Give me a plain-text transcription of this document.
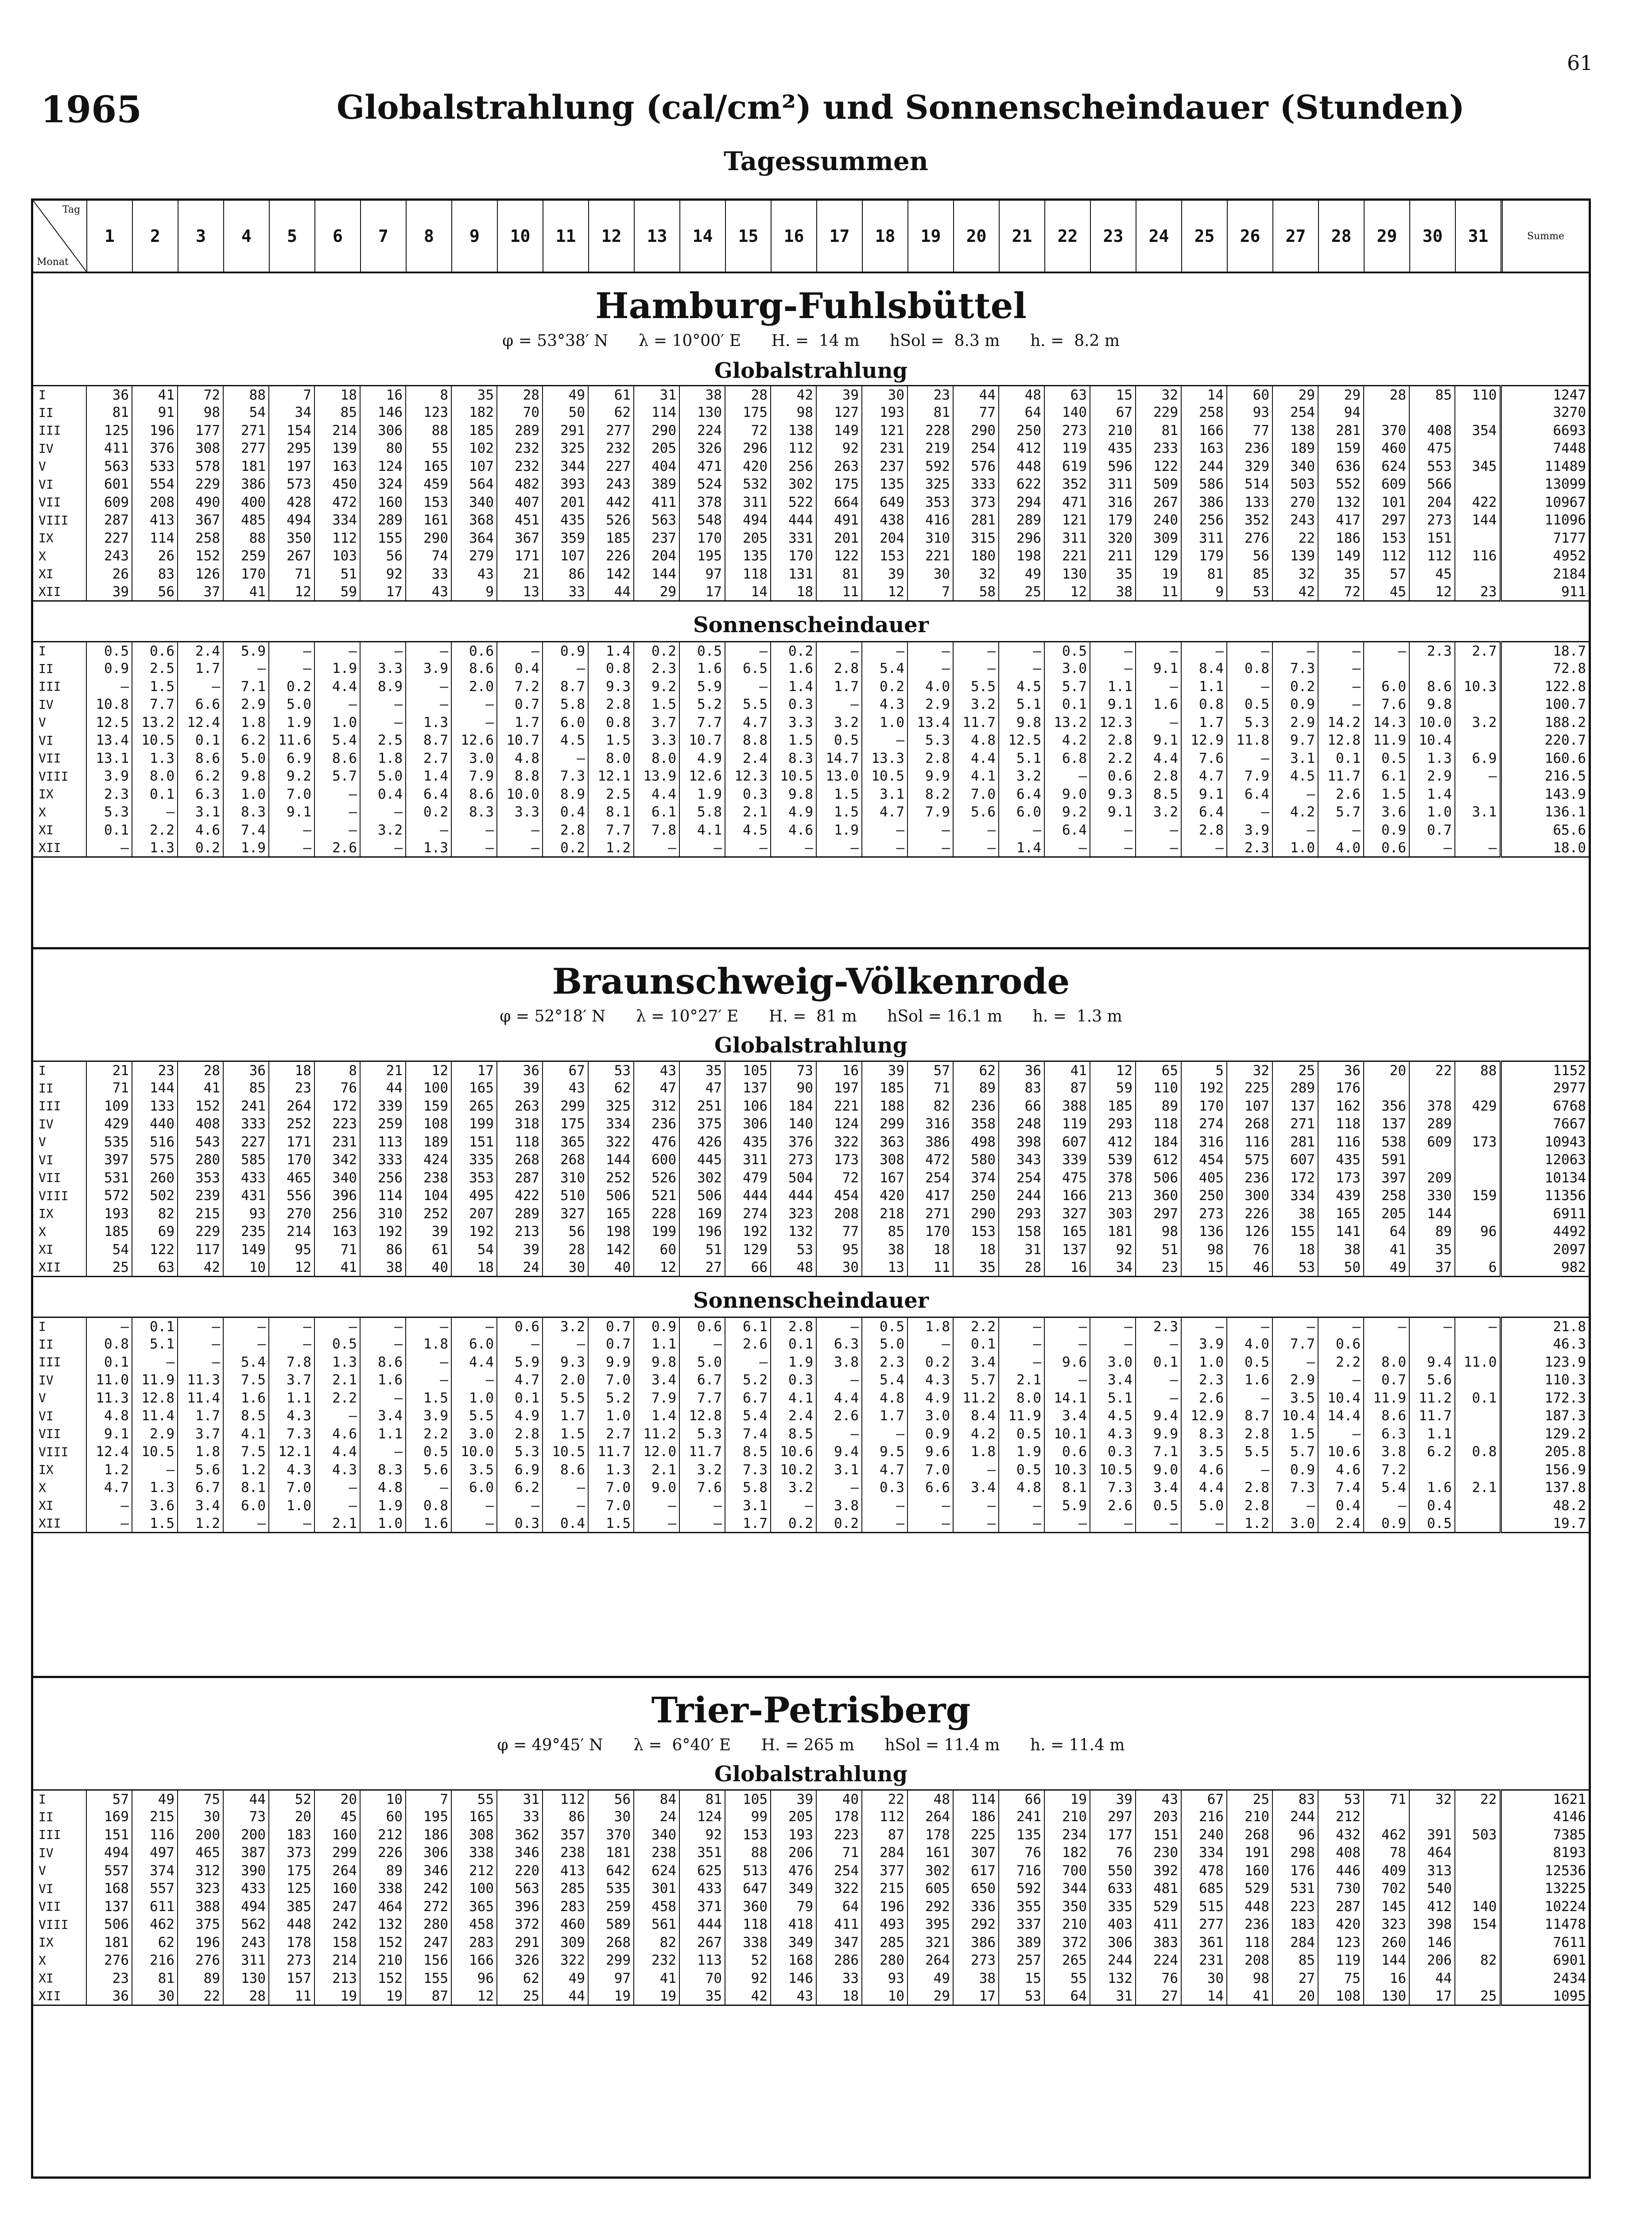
61
1965	Globalstrahlung (cal/cm²) und Sonnenscheindauer (Stunden)
Tagessummen
Tag
Monat
1	2	3	4	5	6	7	8	9	10	11	12	13	14	15	16	17	18	19	20	21	22	23	24	25	26	27	28	29	30	31	Summe
Hamburg-Fuhlsbüttel
φ = 53°38′ N      λ = 10°00′ E      H. =  14 m      hSol =  8.3 m      h. =  8.2 m
Globalstrahlung
I	36	41	72	88	7	18	16	8	35	28	49	61	31	38	28	42	39	30	23	44	48	63	15	32	14	60	29	29	28	85	110	1247
II	81	91	98	54	34	85	146	123	182	70	50	62	114	130	175	98	127	193	81	77	64	140	67	229	258	93	254	94				3270
III	125	196	177	271	154	214	306	88	185	289	291	277	290	224	72	138	149	121	228	290	250	273	210	81	166	77	138	281	370	408	354	6693
IV	411	376	308	277	295	139	80	55	102	232	325	232	205	326	296	112	92	231	219	254	412	119	435	233	163	236	189	159	460	475		7448
V	563	533	578	181	197	163	124	165	107	232	344	227	404	471	420	256	263	237	592	576	448	619	596	122	244	329	340	636	624	553	345	11489
VI	601	554	229	386	573	450	324	459	564	482	393	243	389	524	532	302	175	135	325	333	622	352	311	509	586	514	503	552	609	566		13099
VII	609	208	490	400	428	472	160	153	340	407	201	442	411	378	311	522	664	649	353	373	294	471	316	267	386	133	270	132	101	204	422	10967
VIII	287	413	367	485	494	334	289	161	368	451	435	526	563	548	494	444	491	438	416	281	289	121	179	240	256	352	243	417	297	273	144	11096
IX	227	114	258	88	350	112	155	290	364	367	359	185	237	170	205	331	201	204	310	315	296	311	320	309	311	276	22	186	153	151		7177
X	243	26	152	259	267	103	56	74	279	171	107	226	204	195	135	170	122	153	221	180	198	221	211	129	179	56	139	149	112	112	116	4952
XI	26	83	126	170	71	51	92	33	43	21	86	142	144	97	118	131	81	39	30	32	49	130	35	19	81	85	32	35	57	45		2184
XII	39	56	37	41	12	59	17	43	9	13	33	44	29	17	14	18	11	12	7	58	25	12	38	11	9	53	42	72	45	12	23	911
Sonnenscheindauer
I	0.5	0.6	2.4	5.9	–	–	–	–	0.6	–	0.9	1.4	0.2	0.5	–	0.2	–	–	–	–	–	0.5	–	–	–	–	–	–	–	2.3	2.7	18.7
II	0.9	2.5	1.7	–	–	1.9	3.3	3.9	8.6	0.4	–	0.8	2.3	1.6	6.5	1.6	2.8	5.4	–	–	–	3.0	–	9.1	8.4	0.8	7.3	–				72.8
III	–	1.5	–	7.1	0.2	4.4	8.9	–	2.0	7.2	8.7	9.3	9.2	5.9	–	1.4	1.7	0.2	4.0	5.5	4.5	5.7	1.1	–	1.1	–	0.2	–	6.0	8.6	10.3	122.8
IV	10.8	7.7	6.6	2.9	5.0	–	–	–	–	0.7	5.8	2.8	1.5	5.2	5.5	0.3	–	4.3	2.9	3.2	5.1	0.1	9.1	1.6	0.8	0.5	0.9	–	7.6	9.8		100.7
V	12.5	13.2	12.4	1.8	1.9	1.0	–	1.3	–	1.7	6.0	0.8	3.7	7.7	4.7	3.3	3.2	1.0	13.4	11.7	9.8	13.2	12.3	–	1.7	5.3	2.9	14.2	14.3	10.0	3.2	188.2
VI	13.4	10.5	0.1	6.2	11.6	5.4	2.5	8.7	12.6	10.7	4.5	1.5	3.3	10.7	8.8	1.5	0.5	–	5.3	4.8	12.5	4.2	2.8	9.1	12.9	11.8	9.7	12.8	11.9	10.4		220.7
VII	13.1	1.3	8.6	5.0	6.9	8.6	1.8	2.7	3.0	4.8	–	8.0	8.0	4.9	2.4	8.3	14.7	13.3	2.8	4.4	5.1	6.8	2.2	4.4	7.6	–	3.1	0.1	0.5	1.3	6.9	160.6
VIII	3.9	8.0	6.2	9.8	9.2	5.7	5.0	1.4	7.9	8.8	7.3	12.1	13.9	12.6	12.3	10.5	13.0	10.5	9.9	4.1	3.2	–	0.6	2.8	4.7	7.9	4.5	11.7	6.1	2.9	–	216.5
IX	2.3	0.1	6.3	1.0	7.0	–	0.4	6.4	8.6	10.0	8.9	2.5	4.4	1.9	0.3	9.8	1.5	3.1	8.2	7.0	6.4	9.0	9.3	8.5	9.1	6.4	–	2.6	1.5	1.4		143.9
X	5.3	–	3.1	8.3	9.1	–	–	0.2	8.3	3.3	0.4	8.1	6.1	5.8	2.1	4.9	1.5	4.7	7.9	5.6	6.0	9.2	9.1	3.2	6.4	–	4.2	5.7	3.6	1.0	3.1	136.1
XI	0.1	2.2	4.6	7.4	–	–	3.2	–	–	–	2.8	7.7	7.8	4.1	4.5	4.6	1.9	–	–	–	–	6.4	–	–	2.8	3.9	–	–	0.9	0.7		65.6
XII	–	1.3	0.2	1.9	–	2.6	–	1.3	–	–	0.2	1.2	–	–	–	–	–	–	–	–	1.4	–	–	–	–	2.3	1.0	4.0	0.6	–	–	18.0
Braunschweig-Völkenrode
φ = 52°18′ N      λ = 10°27′ E      H. =  81 m      hSol = 16.1 m      h. =  1.3 m
Globalstrahlung
I	21	23	28	36	18	8	21	12	17	36	67	53	43	35	105	73	16	39	57	62	36	41	12	65	5	32	25	36	20	22	88	1152
II	71	144	41	85	23	76	44	100	165	39	43	62	47	47	137	90	197	185	71	89	83	87	59	110	192	225	289	176				2977
III	109	133	152	241	264	172	339	159	265	263	299	325	312	251	106	184	221	188	82	236	66	388	185	89	170	107	137	162	356	378	429	6768
IV	429	440	408	333	252	223	259	108	199	318	175	334	236	375	306	140	124	299	316	358	248	119	293	118	274	268	271	118	137	289		7667
V	535	516	543	227	171	231	113	189	151	118	365	322	476	426	435	376	322	363	386	498	398	607	412	184	316	116	281	116	538	609	173	10943
VI	397	575	280	585	170	342	333	424	335	268	268	144	600	445	311	273	173	308	472	580	343	339	539	612	454	575	607	435	591			12063
VII	531	260	353	433	465	340	256	238	353	287	310	252	526	302	479	504	72	167	254	374	254	475	378	506	405	236	172	173	397	209		10134
VIII	572	502	239	431	556	396	114	104	495	422	510	506	521	506	444	444	454	420	417	250	244	166	213	360	250	300	334	439	258	330	159	11356
IX	193	82	215	93	270	256	310	252	207	289	327	165	228	169	274	323	208	218	271	290	293	327	303	297	273	226	38	165	205	144		6911
X	185	69	229	235	214	163	192	39	192	213	56	198	199	196	192	132	77	85	170	153	158	165	181	98	136	126	155	141	64	89	96	4492
XI	54	122	117	149	95	71	86	61	54	39	28	142	60	51	129	53	95	38	18	18	31	137	92	51	98	76	18	38	41	35		2097
XII	25	63	42	10	12	41	38	40	18	24	30	40	12	27	66	48	30	13	11	35	28	16	34	23	15	46	53	50	49	37	6	982
Sonnenscheindauer
I	–	0.1	–	–	–	–	–	–	–	0.6	3.2	0.7	0.9	0.6	6.1	2.8	–	0.5	1.8	2.2	–	–	–	2.3	–	–	–	–	–	–	–	21.8
II	0.8	5.1	–	–	–	0.5	–	1.8	6.0	–	–	0.7	1.1	–	2.6	0.1	6.3	5.0	–	0.1	–	–	–	–	3.9	4.0	7.7	0.6				46.3
III	0.1	–	–	5.4	7.8	1.3	8.6	–	4.4	5.9	9.3	9.9	9.8	5.0	–	1.9	3.8	2.3	0.2	3.4	–	9.6	3.0	0.1	1.0	0.5	–	2.2	8.0	9.4	11.0	123.9
IV	11.0	11.9	11.3	7.5	3.7	2.1	1.6	–	–	4.7	2.0	7.0	3.4	6.7	5.2	0.3	–	5.4	4.3	5.7	2.1	–	3.4	–	2.3	1.6	2.9	–	0.7	5.6		110.3
V	11.3	12.8	11.4	1.6	1.1	2.2	–	1.5	1.0	0.1	5.5	5.2	7.9	7.7	6.7	4.1	4.4	4.8	4.9	11.2	8.0	14.1	5.1	–	2.6	–	3.5	10.4	11.9	11.2	0.1	172.3
VI	4.8	11.4	1.7	8.5	4.3	–	3.4	3.9	5.5	4.9	1.7	1.0	1.4	12.8	5.4	2.4	2.6	1.7	3.0	8.4	11.9	3.4	4.5	9.4	12.9	8.7	10.4	14.4	8.6	11.7		187.3
VII	9.1	2.9	3.7	4.1	7.3	4.6	1.1	2.2	3.0	2.8	1.5	2.7	11.2	5.3	7.4	8.5	–	–	0.9	4.2	0.5	10.1	4.3	9.9	8.3	2.8	1.5	–	6.3	1.1		129.2
VIII	12.4	10.5	1.8	7.5	12.1	4.4	–	0.5	10.0	5.3	10.5	11.7	12.0	11.7	8.5	10.6	9.4	9.5	9.6	1.8	1.9	0.6	0.3	7.1	3.5	5.5	5.7	10.6	3.8	6.2	0.8	205.8
IX	1.2	–	5.6	1.2	4.3	4.3	8.3	5.6	3.5	6.9	8.6	1.3	2.1	3.2	7.3	10.2	3.1	4.7	7.0	–	0.5	10.3	10.5	9.0	4.6	–	0.9	4.6	7.2			156.9
X	4.7	1.3	6.7	8.1	7.0	–	4.8	–	6.0	6.2	–	7.0	9.0	7.6	5.8	3.2	–	0.3	6.6	3.4	4.8	8.1	7.3	3.4	4.4	2.8	7.3	7.4	5.4	1.6	2.1	137.8
XI	–	3.6	3.4	6.0	1.0	–	1.9	0.8	–	–	–	7.0	–	–	3.1	–	3.8	–	–	–	–	5.9	2.6	0.5	5.0	2.8	–	0.4	–	0.4		48.2
XII	–	1.5	1.2	–	–	2.1	1.0	1.6	–	0.3	0.4	1.5	–	–	1.7	0.2	0.2	–	–	–	–	–	–	–	–	1.2	3.0	2.4	0.9	0.5		19.7
Trier-Petrisberg
φ = 49°45′ N      λ =  6°40′ E      H. = 265 m      hSol = 11.4 m      h. = 11.4 m
Globalstrahlung
I	57	49	75	44	52	20	10	7	55	31	112	56	84	81	105	39	40	22	48	114	66	19	39	43	67	25	83	53	71	32	22	1621
II	169	215	30	73	20	45	60	195	165	33	86	30	24	124	99	205	178	112	264	186	241	210	297	203	216	210	244	212				4146
III	151	116	200	200	183	160	212	186	308	362	357	370	340	92	153	193	223	87	178	225	135	234	177	151	240	268	96	432	462	391	503	7385
IV	494	497	465	387	373	299	226	306	338	346	238	181	238	351	88	206	71	284	161	307	76	182	76	230	334	191	298	408	78	464		8193
V	557	374	312	390	175	264	89	346	212	220	413	642	624	625	513	476	254	377	302	617	716	700	550	392	478	160	176	446	409	313		12536
VI	168	557	323	433	125	160	338	242	100	563	285	535	301	433	647	349	322	215	605	650	592	344	633	481	685	529	531	730	702	540		13225
VII	137	611	388	494	385	247	464	272	365	396	283	259	458	371	360	79	64	196	292	336	355	350	335	529	515	448	223	287	145	412	140	10224
VIII	506	462	375	562	448	242	132	280	458	372	460	589	561	444	118	418	411	493	395	292	337	210	403	411	277	236	183	420	323	398	154	11478
IX	181	62	196	243	178	158	152	247	283	291	309	268	82	267	338	349	347	285	321	386	389	372	306	383	361	118	284	123	260	146		7611
X	276	216	276	311	273	214	210	156	166	326	322	299	232	113	52	168	286	280	264	273	257	265	244	224	231	208	85	119	144	206	82	6901
XI	23	81	89	130	157	213	152	155	96	62	49	97	41	70	92	146	33	93	49	38	15	55	132	76	30	98	27	75	16	44		2434
XII	36	30	22	28	11	19	19	87	12	25	44	19	19	35	42	43	18	10	29	17	53	64	31	27	14	41	20	108	130	17	25	1095
